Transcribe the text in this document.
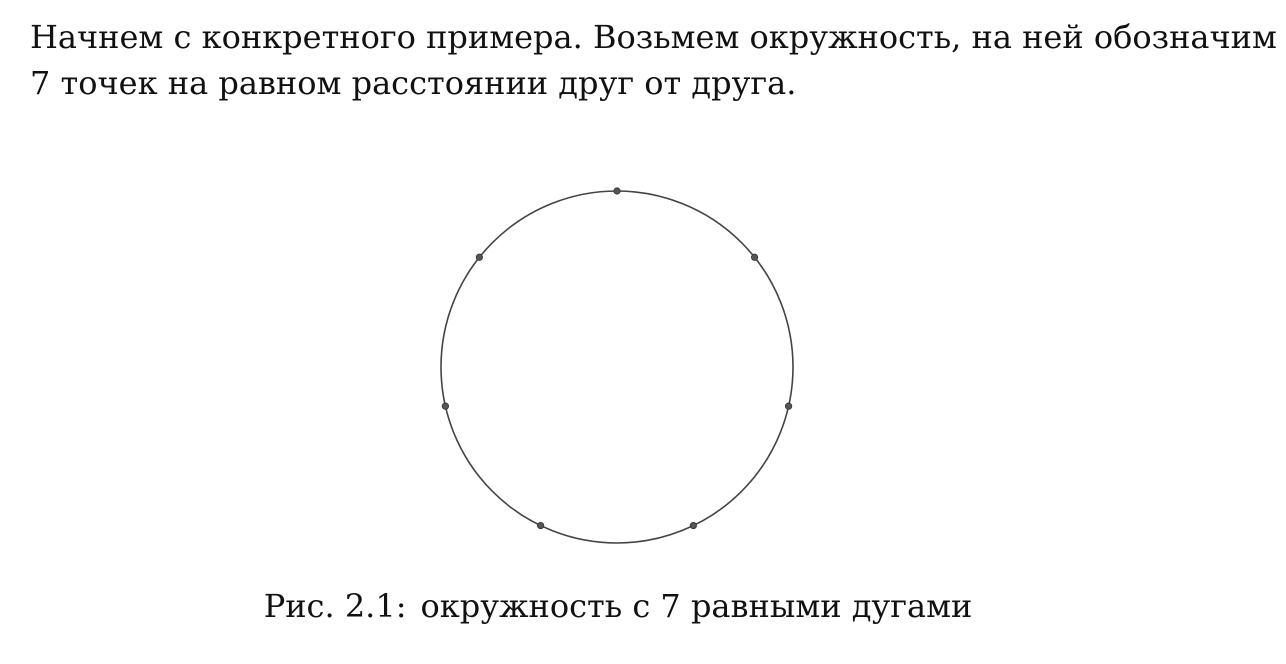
Начнем с конкретного примера. Возьмем окружность, на ней обозначим
7 точек на равном расстоянии друг от друга.

Рис. 2.1: окружность с 7 равными дугами
